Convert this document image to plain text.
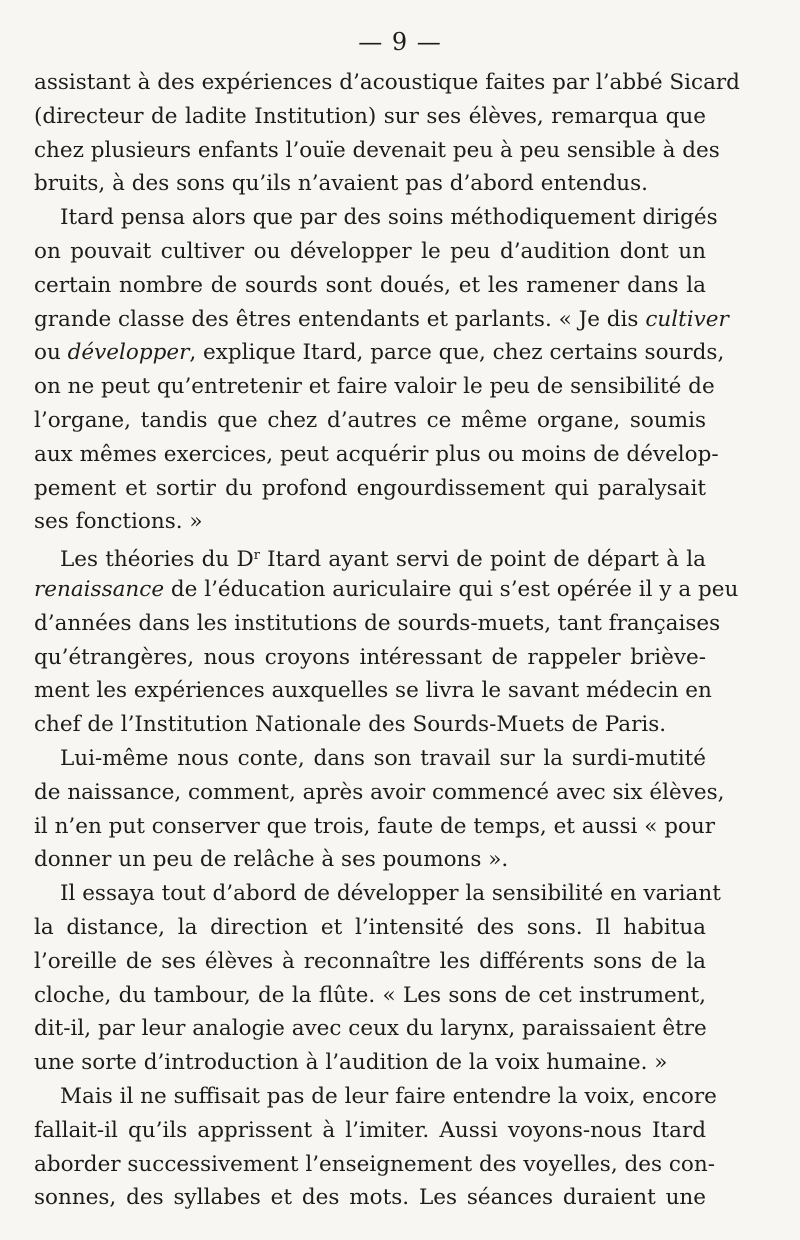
— 9 —
assistant à des expériences d’acoustique faites par l’abbé Sicard
(directeur de ladite Institution) sur ses élèves, remarqua que
chez plusieurs enfants l’ouïe devenait peu à peu sensible à des
bruits, à des sons qu’ils n’avaient pas d’abord entendus.
Itard pensa alors que par des soins méthodiquement dirigés
on pouvait cultiver ou développer le peu d’audition dont un
certain nombre de sourds sont doués, et les ramener dans la
grande classe des êtres entendants et parlants. « Je dis cultiver
ou développer, explique Itard, parce que, chez certains sourds,
on ne peut qu’entretenir et faire valoir le peu de sensibilité de
l’organe, tandis que chez d’autres ce même organe, soumis
aux mêmes exercices, peut acquérir plus ou moins de dévelop-
pement et sortir du profond engourdissement qui paralysait
ses fonctions. »
Les théories du $D^r$ Itard ayant servi de point de départ à la
renaissance de l’éducation auriculaire qui s’est opérée il y a peu
d’années dans les institutions de sourds-muets, tant françaises
qu’étrangères, nous croyons intéressant de rappeler brièvе-
ment les expériences auxquelles se livra le savant médecin en
chef de l’Institution Nationale des Sourds-Muets de Paris.
Lui-même nous conte, dans son travail sur la surdi-mutité
de naissance, comment, après avoir commencé avec six élèves,
il n’en put conserver que trois, faute de temps, et aussi « pour
donner un peu de relâche à ses poumons ».
Il essaya tout d’abord de développer la sensibilité en variant
la distance, la direction et l’intensité des sons. Il habitua
l’oreille de ses élèves à reconnaître les différents sons de la
cloche, du tambour, de la flûte. « Les sons de cet instrument,
dit-il, par leur analogie avec ceux du larynx, paraissaient être
une sorte d’introduction à l’audition de la voix humaine. »
Mais il ne suffisait pas de leur faire entendre la voix, encore
fallait-il qu’ils apprissent à l’imiter. Aussi voyons-nous Itard
aborder successivement l’enseignement des voyelles, des con-
sonnes, des syllabes et des mots. Les séances duraient une
